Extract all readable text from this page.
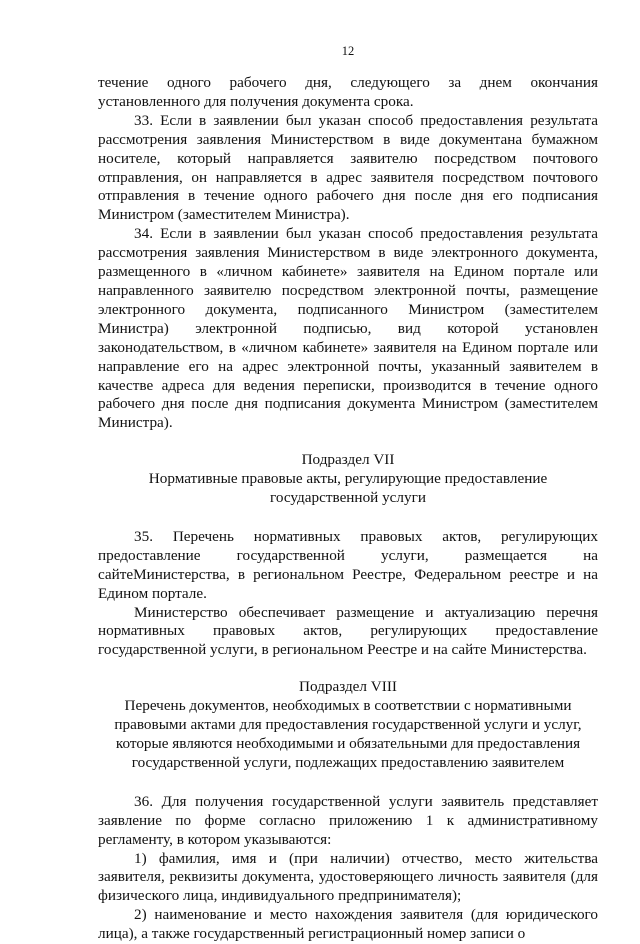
12

течение одного рабочего дня, следующего за днем окончания установленного для получения документа срока.

33. Если в заявлении был указан способ предоставления результата рассмотрения заявления Министерством в виде документана бумажном носителе, который направляется заявителю посредством почтового отправления, он направляется в адрес заявителя посредством почтового отправления в течение одного рабочего дня после дня его подписания Министром (заместителем Министра).

34. Если в заявлении был указан способ предоставления результата рассмотрения заявления Министерством в виде электронного документа, размещенного в «личном кабинете» заявителя на Едином портале или направленного заявителю посредством электронной почты, размещение электронного документа, подписанного Министром (заместителем Министра) электронной подписью, вид которой установлен законодательством, в «личном кабинете» заявителя на Едином портале или направление его на адрес электронной почты, указанный заявителем в качестве адреса для ведения переписки, производится в течение одного рабочего дня после дня подписания документа Министром (заместителем Министра).

Подраздел VII

Нормативные правовые акты, регулирующие предоставление государственной услуги

35. Перечень нормативных правовых актов, регулирующих предоставление государственной услуги, размещается на сайтеМинистерства, в региональном Реестре, Федеральном реестре и на Едином портале.

Министерство обеспечивает размещение и актуализацию перечня нормативных правовых актов, регулирующих предоставление государственной услуги, в региональном Реестре и на сайте Министерства.

Подраздел VIII

Перечень документов, необходимых в соответствии с нормативными правовыми актами для предоставления государственной услуги и услуг, которые являются необходимыми и обязательными для предоставления государственной услуги, подлежащих предоставлению заявителем

36. Для получения государственной услуги заявитель представляет заявление по форме согласно приложению 1 к административному регламенту, в котором указываются:

1) фамилия, имя и (при наличии) отчество, место жительства заявителя, реквизиты документа, удостоверяющего личность заявителя (для физического лица, индивидуального предпринимателя);

2) наименование и место нахождения заявителя (для юридического лица), а также государственный регистрационный номер записи о
